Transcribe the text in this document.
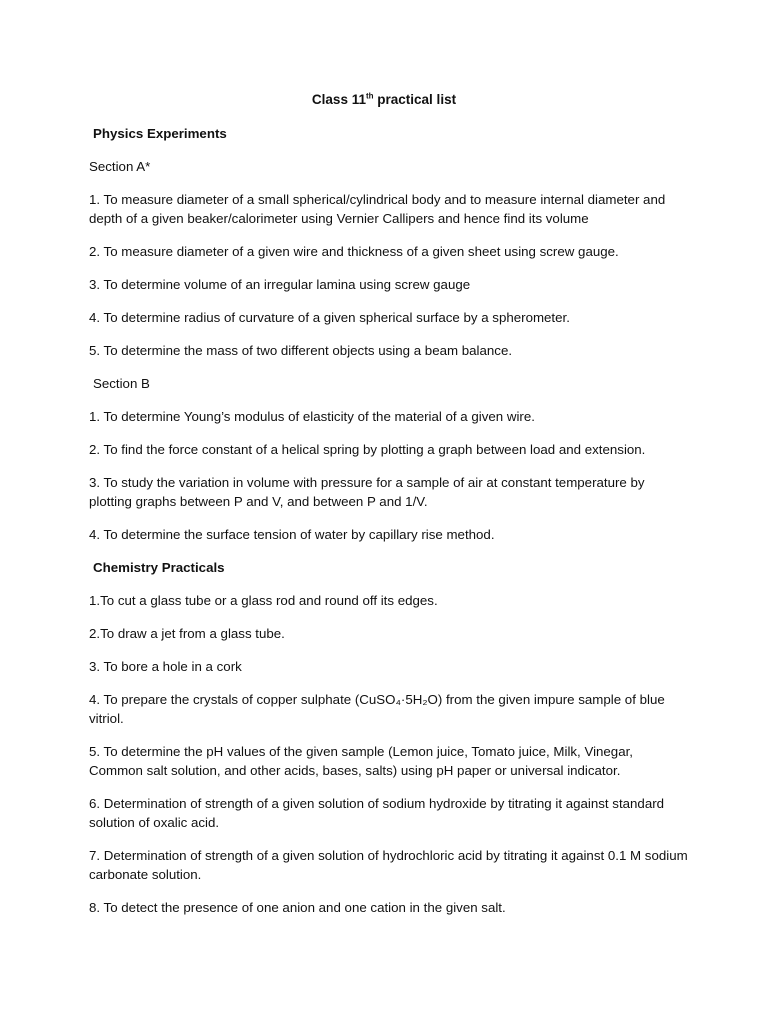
Class 11th practical list
Physics Experiments
Section A*
1. To measure diameter of a small spherical/cylindrical body and to measure internal diameter and depth of a given beaker/calorimeter using Vernier Callipers and hence find its volume
2. To measure diameter of a given wire and thickness of a given sheet using screw gauge.
3. To determine volume of an irregular lamina using screw gauge
4. To determine radius of curvature of a given spherical surface by a spherometer.
5. To determine the mass of two different objects using a beam balance.
Section B
1. To determine Young’s modulus of elasticity of the material of a given wire.
2. To find the force constant of a helical spring by plotting a graph between load and extension.
3. To study the variation in volume with pressure for a sample of air at constant temperature by plotting graphs between P and V, and between P and 1/V.
4. To determine the surface tension of water by capillary rise method.
Chemistry Practicals
1.To cut a glass tube or a glass rod and round off its edges.
2.To draw a jet from a glass tube.
3. To bore a hole in a cork
4. To prepare the crystals of copper sulphate (CuSO₄·5H₂O) from the given impure sample of blue vitriol.
5. To determine the pH values of the given sample (Lemon juice, Tomato juice, Milk, Vinegar, Common salt solution, and other acids, bases, salts) using pH paper or universal indicator.
6. Determination of strength of a given solution of sodium hydroxide by titrating it against standard solution of oxalic acid.
7. Determination of strength of a given solution of hydrochloric acid by titrating it against 0.1 M sodium carbonate solution.
8. To detect the presence of one anion and one cation in the given salt.
